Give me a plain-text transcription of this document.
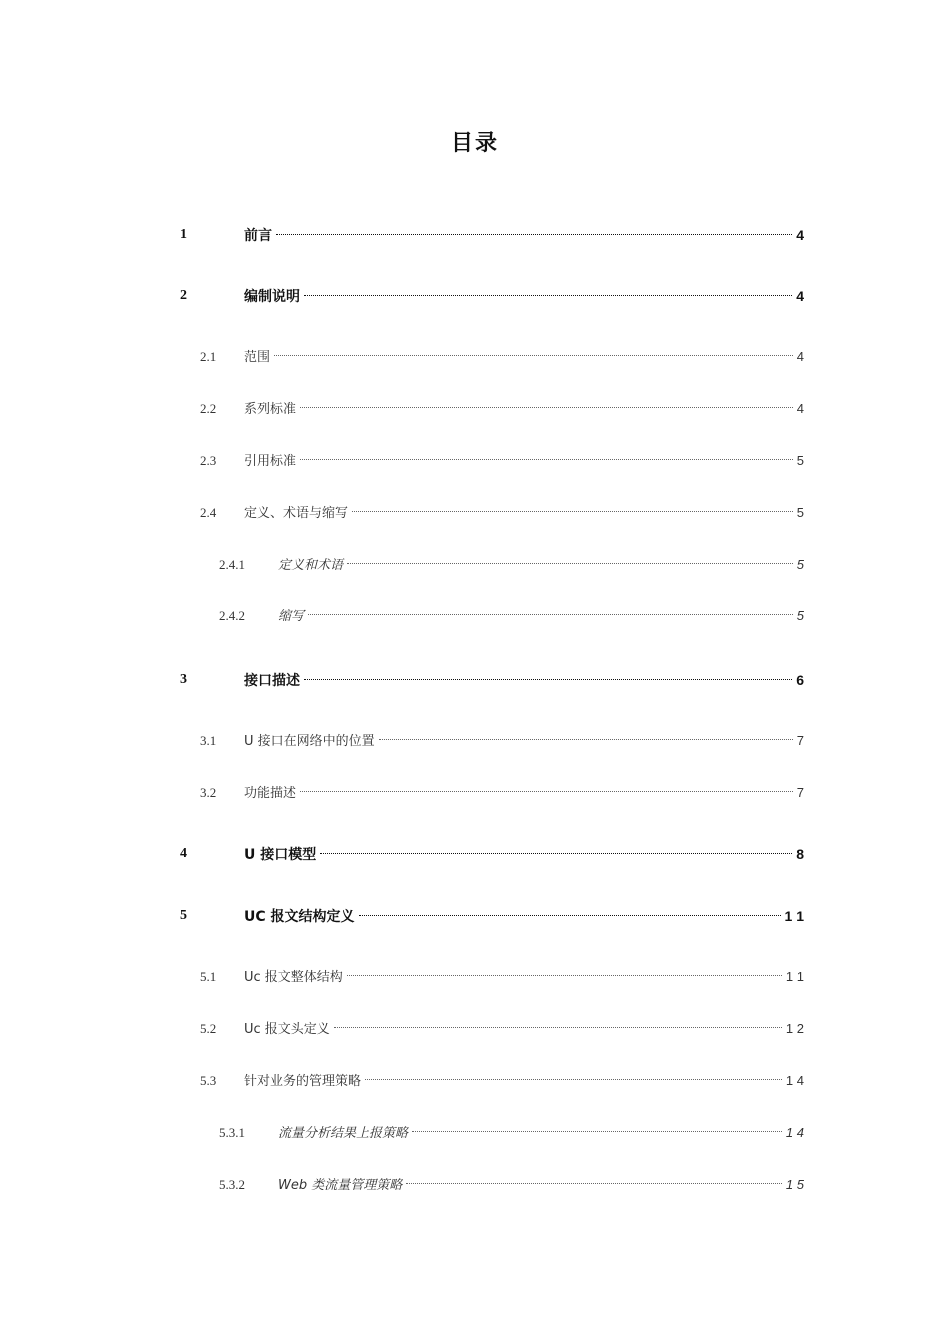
目录
1	前言	4
2	编制说明	4
2.1 范围	4
2.2 系列标准	4
2.3 引用标准	5
2.4 定义、术语与缩写	5
2.4.1	定义和术语	5
2.4.2	缩写	5
3	接口描述	6
3.1 U 接口在网络中的位置	7
3.2 功能描述	7
4	U 接口模型	8
5	UC 报文结构定义	1 1
5.1 Uc 报文整体结构	1 1
5.2 Uc 报文头定义	1 2
5.3 针对业务的管理策略	1 4
5.3.1	流量分析结果上报策略	1 4
5.3.2	Web 类流量管理策略	1 5
